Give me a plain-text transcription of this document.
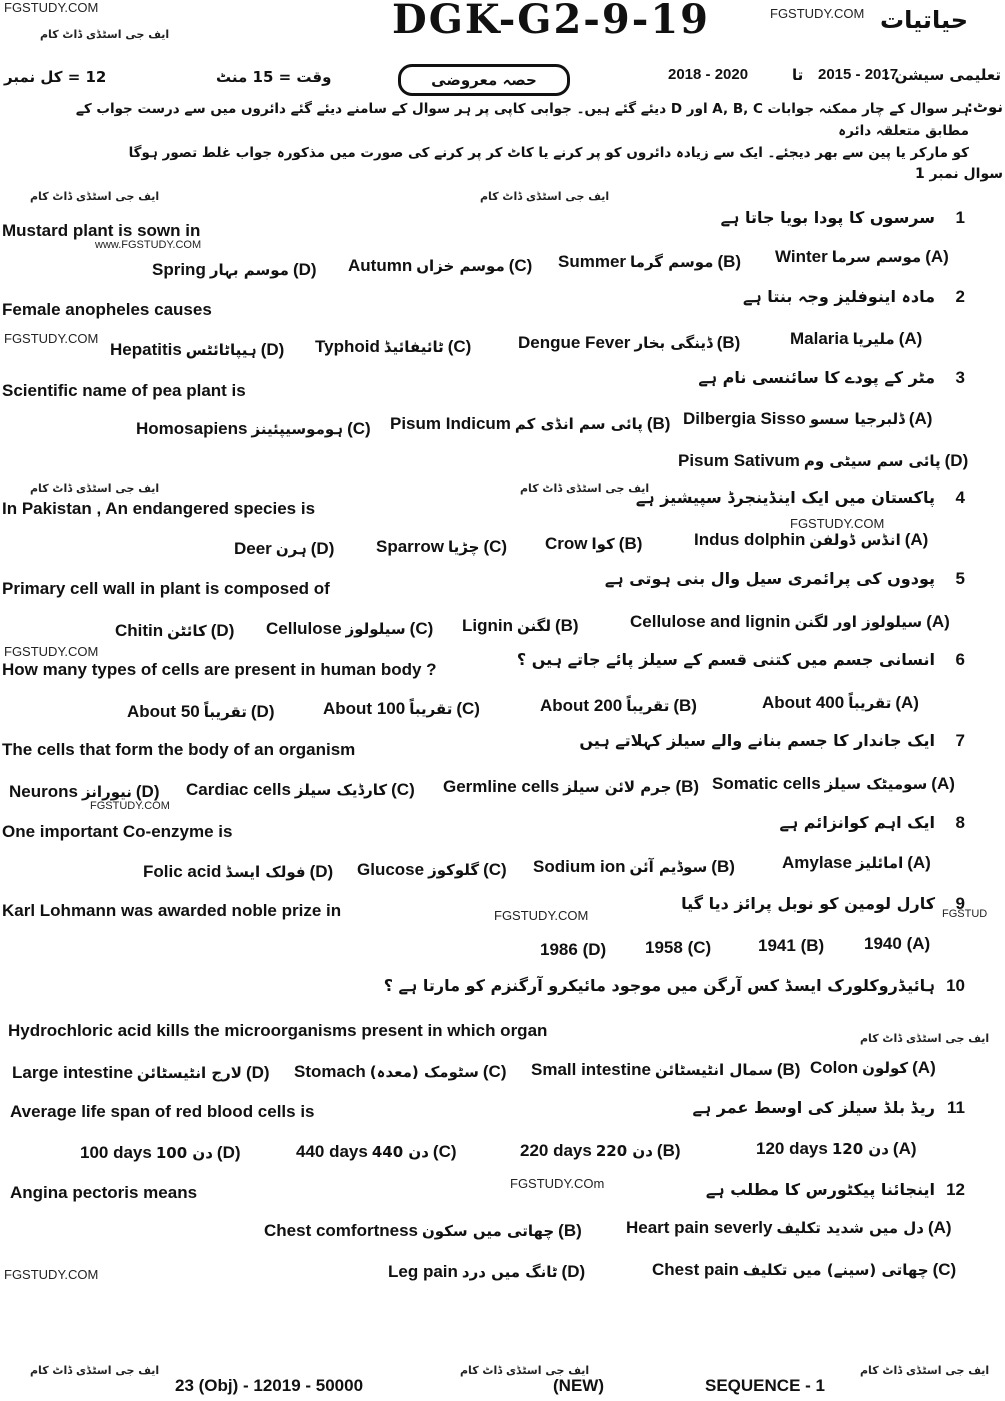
FGSTUDY.COM	FGSTUDY.COM
ایف جی اسٹڈی ڈاٹ کام
ایف جی اسٹڈی ڈاٹ کام	ایف جی اسٹڈی ڈاٹ کام
www.FGSTUDY.COM
FGSTUDY.COM
ایف جی اسٹڈی ڈاٹ کام	ایف جی اسٹڈی ڈاٹ کام
FGSTUDY.COM
FGSTUDY.COM
FGSTUDY.COM
FGSTUDY.COM	FGSTUD
ایف جی اسٹڈی ڈاٹ کام
FGSTUDY.COm
FGSTUDY.COM
ایف جی اسٹڈی ڈاٹ کام	ایف جی اسٹڈی ڈاٹ کام	ایف جی اسٹڈی ڈاٹ کام
DGK-G2-9-19	حیاتیات
12 = کل نمبر	وقت = 15 منٹ	حصہ معروضی	2018 - 2020	تا 2015 - 2017
تعلیمی سیشن :
نوٹ:
ہر سوال کے چار ممکنہ جوابات A, B, C اور D دیئے گئے ہیں۔ جوابی کاپی پر ہر سوال کے سامنے دیئے گئے دائروں میں سے درست جواب کے مطابق متعلقہ دائرہ
کو مارکر یا پین سے بھر دیجئے۔ ایک سے زیادہ دائروں کو پر کرنے یا کاٹ کر پر کرنے کی صورت میں مذکورہ جواب غلط تصور ہوگا
سوال نمبر 1
1
سرسوں کا پودا بویا جاتا ہے
Mustard plant is sown in
Winter موسم سرما (A)
Summer موسم گرما (B)
Autumn موسم خزاں (C)
Spring موسم بہار (D)
2
مادہ اینوفلیز وجہ بنتا ہے
Female anopheles causes
Malaria ملیریا (A)
Dengue Fever ڈینگی بخار (B)
Typhoid ٹائیفائیڈ (C)
Hepatitis ہیپاٹائٹس (D)
3
مٹر کے پودے کا سائنسی نام ہے
Scientific name of pea plant is
Dilbergia Sisso ڈلبرجیا سسو (A)
Pisum Indicum پائی سم انڈی کم (B)
Homosapiens ہوموسیپئینز (C)
Pisum Sativum پائی سم سیٹی وم (D)
4
پاکستان میں ایک اینڈینجرڈ سپیشیز ہے
In Pakistan , An endangered species is
Indus dolphin انڈس ڈولفن (A)
Crow کوا (B)
Sparrow چڑیا (C)
Deer ہرن (D)
5
پودوں کی پرائمری سیل وال بنی ہوتی ہے
Primary cell wall in plant is composed of
Cellulose and lignin سیلولوز اور لگنن (A)
Lignin لگنن (B)
Cellulose سیلولوز (C)
Chitin کائٹن (D)
6
انسانی جسم میں کتنی قسم کے سیلز پائے جاتے ہیں ؟
How many types of cells are present in human body ?
About 400 تقریباً (A)
About 200 تقریباً (B)
About 100 تقریباً (C)
About 50 تقریباً (D)
7
ایک جاندار کا جسم بنانے والے سیلز کہلاتے ہیں
The cells that form the body of an organism
Somatic cells سومیٹک سیلز (A)
Germline cells جرم لائن سیلز (B)
Cardiac cells کارڈیک سیلز (C)
Neurons نیورانز (D)
8
ایک اہم کوانزائم ہے
One important Co-enzyme is
Amylase امائلیز (A)
Sodium ion سوڈیم آئن (B)
Glucose گلوکوز (C)
Folic acid فولک ایسڈ (D)
9
کارل لومین کو نوبل پرائز دیا گیا
Karl Lohmann was awarded noble prize in
1940 (A)
1941 (B)
1958 (C)
1986 (D)
10
ہائیڈروکلورک ایسڈ کس آرگن میں موجود مائیکرو آرگنزم کو مارتا ہے ؟
Hydrochloric acid kills the microorganisms present in which organ
Colon کولون (A)
Small intestine سمال انٹیسٹائن (B)
Stomach سٹومک (معدہ) (C)
Large intestine لارج انٹیسٹائن (D)
11
ریڈ بلڈ سیلز کی اوسط عمر ہے
Average life span of red blood cells is
120 days 120 دن (A)
220 days 220 دن (B)
440 days 440 دن (C)
100 days 100 دن (D)
12
اینجائنا پیکٹورس کا مطلب ہے
Angina pectoris means
Heart pain severly دل میں شدید تکلیف (A)
Chest comfortness چھاتی میں سکون (B)
Chest pain چھاتی (سینے) میں تکلیف (C)
Leg pain ٹانگ میں درد (D)
23 (Obj) - 12019 - 50000	(NEW)	SEQUENCE - 1
